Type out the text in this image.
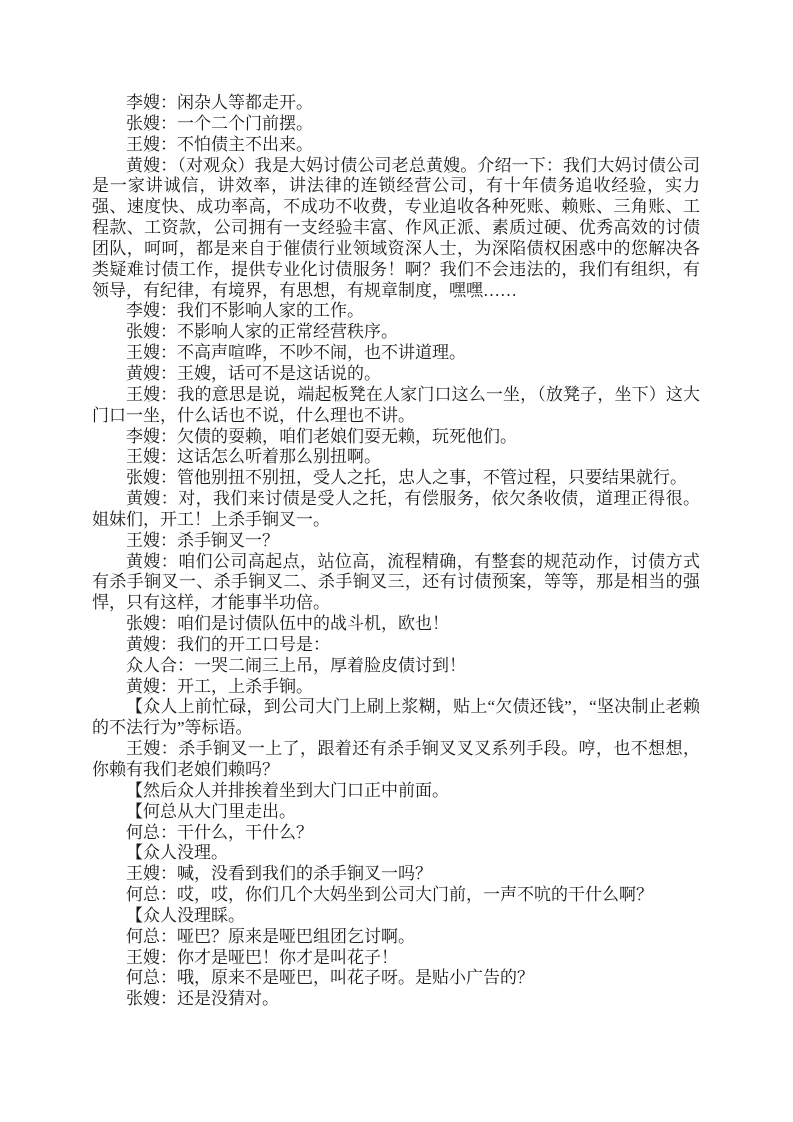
李嫂：闲杂人等都走开。

张嫂：一个二个门前摆。

王嫂：不怕债主不出来。

黄嫂：（对观众）我是大妈讨债公司老总黄嫂。介绍一下：我们大妈讨债公司是一家讲诚信，讲效率，讲法律的连锁经营公司，有十年债务追收经验，实力强、速度快、成功率高，不成功不收费，专业追收各种死账、赖账、三角账、工程款、工资款，公司拥有一支经验丰富、作风正派、素质过硬、优秀高效的讨债团队，呵呵，都是来自于催债行业领域资深人士，为深陷债权困惑中的您解决各类疑难讨债工作，提供专业化讨债服务！啊？我们不会违法的，我们有组织，有领导，有纪律，有境界，有思想，有规章制度，嘿嘿……

李嫂：我们不影响人家的工作。

张嫂：不影响人家的正常经营秩序。

王嫂：不高声喧哗，不吵不闹，也不讲道理。

黄嫂：王嫂，话可不是这话说的。

王嫂：我的意思是说，端起板凳在人家门口这么一坐，（放凳子，坐下）这大门口一坐，什么话也不说，什么理也不讲。

李嫂：欠债的耍赖，咱们老娘们耍无赖，玩死他们。

王嫂：这话怎么听着那么别扭啊。

张嫂：管他别扭不别扭，受人之托，忠人之事，不管过程，只要结果就行。

黄嫂：对，我们来讨债是受人之托，有偿服务，依欠条收债，道理正得很。姐妹们，开工！上杀手锏叉一。

王嫂：杀手锏叉一？

黄嫂：咱们公司高起点，站位高，流程精确，有整套的规范动作，讨债方式有杀手锏叉一、杀手锏叉二、杀手锏叉三，还有讨债预案，等等，那是相当的强悍，只有这样，才能事半功倍。

张嫂：咱们是讨债队伍中的战斗机，欧也！

黄嫂：我们的开工口号是：

众人合：一哭二闹三上吊，厚着脸皮债讨到！

黄嫂：开工，上杀手锏。

【众人上前忙碌，到公司大门上刷上浆糊，贴上“欠债还钱”，“坚决制止老赖的不法行为”等标语。

王嫂：杀手锏叉一上了，跟着还有杀手锏叉叉叉系列手段。哼，也不想想，你赖有我们老娘们赖吗？

【然后众人并排挨着坐到大门口正中前面。

【何总从大门里走出。

何总：干什么，干什么？

【众人没理。

王嫂：喊，没看到我们的杀手锏叉一吗？

何总：哎，哎，你们几个大妈坐到公司大门前，一声不吭的干什么啊？

【众人没理睬。

何总：哑巴？原来是哑巴组团乞讨啊。

王嫂：你才是哑巴！你才是叫花子！

何总：哦，原来不是哑巴，叫花子呀。是贴小广告的？

张嫂：还是没猜对。
